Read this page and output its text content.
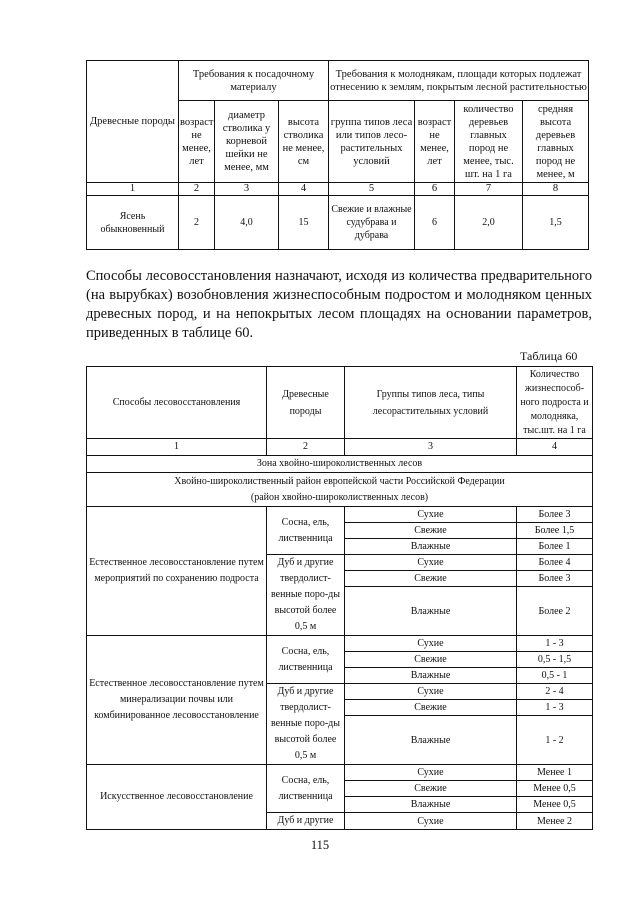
Древесные породы	Требования к посадочному материалу			Требования к молоднякам, площади которых подлежат отнесению к землям, покрытым лесной растительностью			
	возраст не менее, лет	диаметр стволика у корневой шейки не менее, мм	высота стволика не менее, см	группа типов леса или типов лесо-растительных условий	возраст не менее, лет	количество деревьев главных пород не менее, тыс. шт. на 1 га	средняя высота деревьев главных пород не менее, м
1	2	3	4	5	6	7	8
Ясень обыкновенный	2	4,0	15	Свежие и влажные судубрава и дубрава	6	2,0	1,5

Способы лесовосстановления назначают, исходя из количества предварительного (на вырубках) возобновления жизнеспособным подростом и молодняком ценных древесных пород, и на непокрытых лесом площадях на основании параметров, приведенных в таблице 60.

Таблица 60
Способы лесовосстановления	Древесные породы	Группы типов леса, типы лесорастительных условий	Количество жизнеспособ-ного подроста и молодняка, тыс.шт. на 1 га
1	2	3	4
Зона хвойно-широколиственных лесов			

Хвойно-широколиственный район европейской части Российской Федерации
(район хвойно-широколиственных лесов)			

Естественное лесовосстановление путем мероприятий по сохранению подроста	Сосна, ель, лиственница	Сухие	Более 3
		Свежие	Более 1,5
		Влажные	Более 1
	Дуб и другие твердолист-венные поро-ды высотой более 0,5 м	Сухие	Более 4
		Свежие	Более 3
		Влажные	Более 2
Естественное лесовосстановление путем минерализации почвы или комбинированное лесовосстановление	Сосна, ель, лиственница	Сухие	1 - 3
		Свежие	0,5 - 1,5
		Влажные	0,5 - 1
	Дуб и другие твердолист-венные поро-ды высотой более 0,5 м	Сухие	2 - 4
		Свежие	1 - 3
		Влажные	1 - 2
Искусственное лесовосстановление	Сосна, ель, лиственница	Сухие	Менее 1
		Свежие	Менее 0,5
		Влажные	Менее 0,5
	Дуб и другие	Сухие	Менее 2
115
